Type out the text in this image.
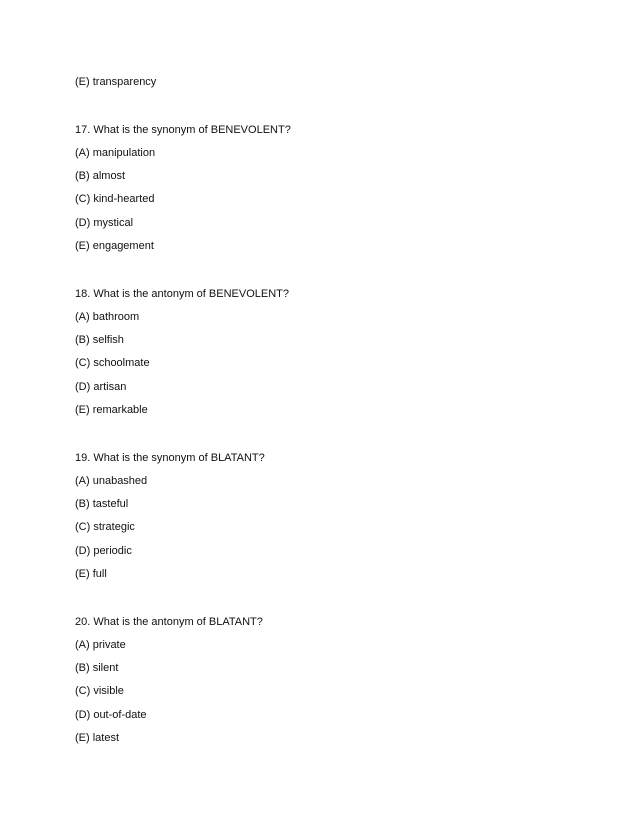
(E) transparency
17. What is the synonym of BENEVOLENT?
(A) manipulation
(B) almost
(C) kind-hearted
(D) mystical
(E) engagement
18. What is the antonym of BENEVOLENT?
(A) bathroom
(B) selfish
(C) schoolmate
(D) artisan
(E) remarkable
19. What is the synonym of BLATANT?
(A) unabashed
(B) tasteful
(C) strategic
(D) periodic
(E) full
20. What is the antonym of BLATANT?
(A) private
(B) silent
(C) visible
(D) out-of-date
(E) latest
